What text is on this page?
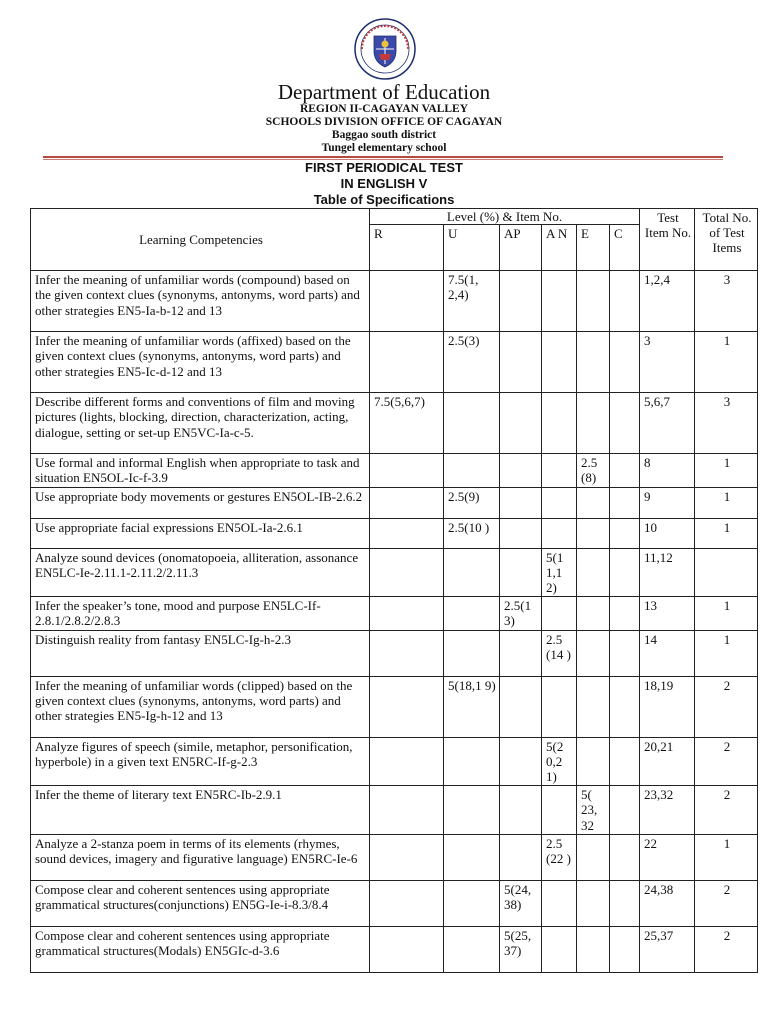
Department of Education
REGION II-CAGAYAN VALLEY
SCHOOLS DIVISION OFFICE OF CAGAYAN
Baggao south district
Tungel elementary school
FIRST PERIODICAL TEST
IN ENGLISH V
Table of Specifications
Learning Competencies	Level (%) & Item No.						Test Item No.	Total No. of Test Items
	R	U	AP	A N	E	C		
Infer the meaning of unfamiliar words (compound) based on the given context clues (synonyms, antonyms, word parts) and other strategies EN5-Ia-b-12 and 13		7.5(1, 2,4)					1,2,4	3
Infer the meaning of unfamiliar words (affixed) based on the given context clues (synonyms, antonyms, word parts) and other strategies EN5-Ic-d-12 and 13		2.5(3)					3	1
Describe different forms and conventions of film and moving pictures (lights, blocking, direction, characterization, acting, dialogue, setting or set-up EN5VC-Ia-c-5.	7.5(5,6,7)						5,6,7	3
Use formal and informal English when appropriate to task and situation EN5OL-Ic-f-3.9					2.5 (8)		8	1
Use appropriate body movements or gestures EN5OL-IB-2.6.2		2.5(9)					9	1
Use appropriate facial expressions EN5OL-Ia-2.6.1		2.5(10 )					10	1
Analyze sound devices (onomatopoeia, alliteration, assonance EN5LC-Ie-2.11.1-2.11.2/2.11.3				5(1 1,1 2)			11,12	
Infer the speaker’s tone, mood and purpose EN5LC-If-2.8.1/2.8.2/2.8.3			2.5(1 3)				13	1
Distinguish reality from fantasy EN5LC-Ig-h-2.3				2.5 (14 )			14	1
Infer the meaning of unfamiliar words (clipped) based on the given context clues (synonyms, antonyms, word parts) and other strategies EN5-Ig-h-12 and 13		5(18,1 9)					18,19	2
Analyze figures of speech (simile, metaphor, personification, hyperbole) in a given text EN5RC-If-g-2.3				5(2 0,2 1)			20,21	2
Infer the theme of literary text EN5RC-Ib-2.9.1					5( 23, 32		23,32	2
Analyze a 2-stanza poem in terms of its elements (rhymes, sound devices, imagery and figurative language) EN5RC-Ie-6				2.5 (22 )			22	1
Compose clear and coherent sentences using appropriate grammatical structures(conjunctions) EN5G-Ie-i-8.3/8.4			5(24, 38)				24,38	2
Compose clear and coherent sentences using appropriate grammatical structures(Modals) EN5GIc-d-3.6			5(25, 37)				25,37	2
